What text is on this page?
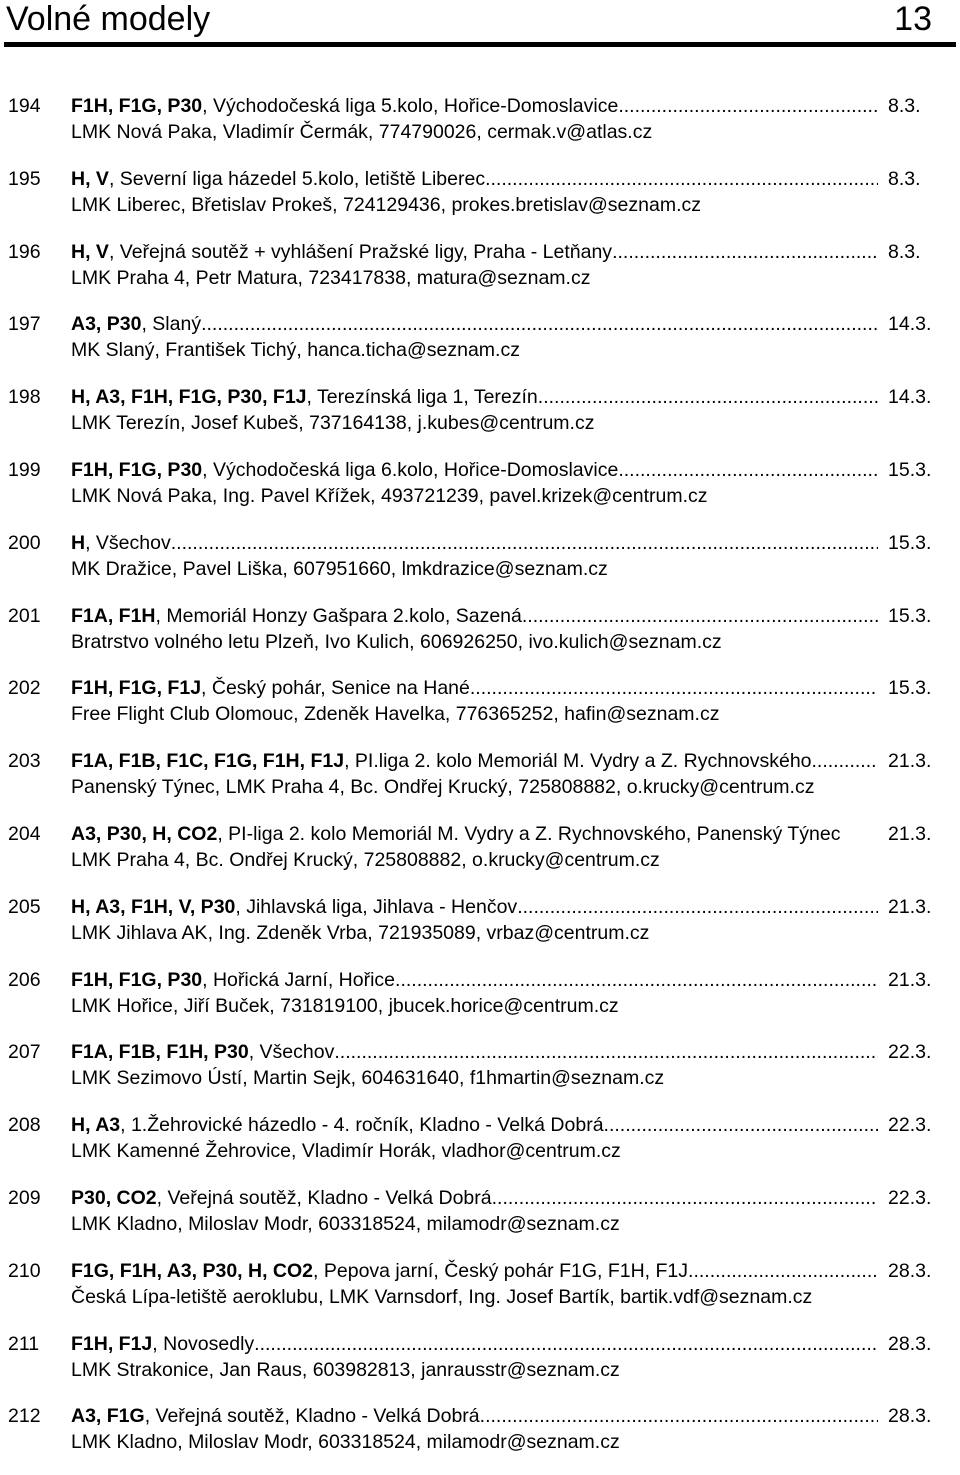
Volné modely	13
194 F1H, F1G, P30, Východočeská liga 5.kolo, Hořice-Domoslavice .....	8.3.
LMK Nová Paka, Vladimír Čermák, 774790026, cermak.v@atlas.cz
195 H, V, Severní liga házedel 5.kolo, letiště Liberec .....	8.3.
LMK Liberec, Břetislav Prokeš, 724129436, prokes.bretislav@seznam.cz
196 H, V, Veřejná soutěž + vyhlášení Pražské ligy, Praha - Letňany .....	8.3.
LMK Praha 4, Petr Matura, 723417838, matura@seznam.cz
197 A3, P30, Slaný .....	14.3.
MK Slaný, František Tichý, hanca.ticha@seznam.cz
198 H, A3, F1H, F1G, P30, F1J, Terezínská liga 1, Terezín .....	14.3.
LMK Terezín, Josef Kubeš, 737164138, j.kubes@centrum.cz
199 F1H, F1G, P30, Východočeská liga 6.kolo, Hořice-Domoslavice .....	15.3.
LMK Nová Paka, Ing. Pavel Křížek, 493721239, pavel.krizek@centrum.cz
200 H, Všechov .....	15.3.
MK Dražice, Pavel Liška, 607951660, lmkdrazice@seznam.cz
201 F1A, F1H, Memoriál Honzy Gašpara 2.kolo, Sazená .....	15.3.
Bratrstvo volného letu Plzeň, Ivo Kulich, 606926250, ivo.kulich@seznam.cz
202 F1H, F1G, F1J, Český pohár, Senice na Hané .....	15.3.
Free Flight Club Olomouc, Zdeněk Havelka, 776365252, hafin@seznam.cz
203 F1A, F1B, F1C, F1G, F1H, F1J, PI.liga 2. kolo Memoriál M. Vydry a Z. Rychnovského .....	21.3.
Panenský Týnec, LMK Praha 4, Bc. Ondřej Krucký, 725808882, o.krucky@centrum.cz
204 A3, P30, H, CO2, PI-liga 2. kolo Memoriál M. Vydry a Z. Rychnovského, Panenský Týnec 21.3.
LMK Praha 4, Bc. Ondřej Krucký, 725808882, o.krucky@centrum.cz
205 H, A3, F1H, V, P30, Jihlavská liga, Jihlava - Henčov .....	21.3.
LMK Jihlava AK, Ing. Zdeněk Vrba, 721935089, vrbaz@centrum.cz
206 F1H, F1G, P30, Hořická Jarní, Hořice .....	21.3.
LMK Hořice, Jiří Buček, 731819100, jbucek.horice@centrum.cz
207 F1A, F1B, F1H, P30, Všechov .....	22.3.
LMK Sezimovo Ústí, Martin Sejk, 604631640, f1hmartin@seznam.cz
208 H, A3, 1.Žehrovické házedlo - 4. ročník, Kladno - Velká Dobrá .....	22.3.
LMK Kamenné Žehrovice, Vladimír Horák, vladhor@centrum.cz
209 P30, CO2, Veřejná soutěž, Kladno - Velká Dobrá .....	22.3.
LMK Kladno, Miloslav Modr, 603318524, milamodr@seznam.cz
210 F1G, F1H, A3, P30, H, CO2, Pepova jarní, Český pohár F1G, F1H, F1J .....	28.3.
Česká Lípa-letiště aeroklubu, LMK Varnsdorf, Ing. Josef Bartík, bartik.vdf@seznam.cz
211 F1H, F1J, Novosedly .....	28.3.
LMK Strakonice, Jan Raus, 603982813, janrausstr@seznam.cz
212 A3, F1G, Veřejná soutěž, Kladno - Velká Dobrá .....	28.3.
LMK Kladno, Miloslav Modr, 603318524, milamodr@seznam.cz
